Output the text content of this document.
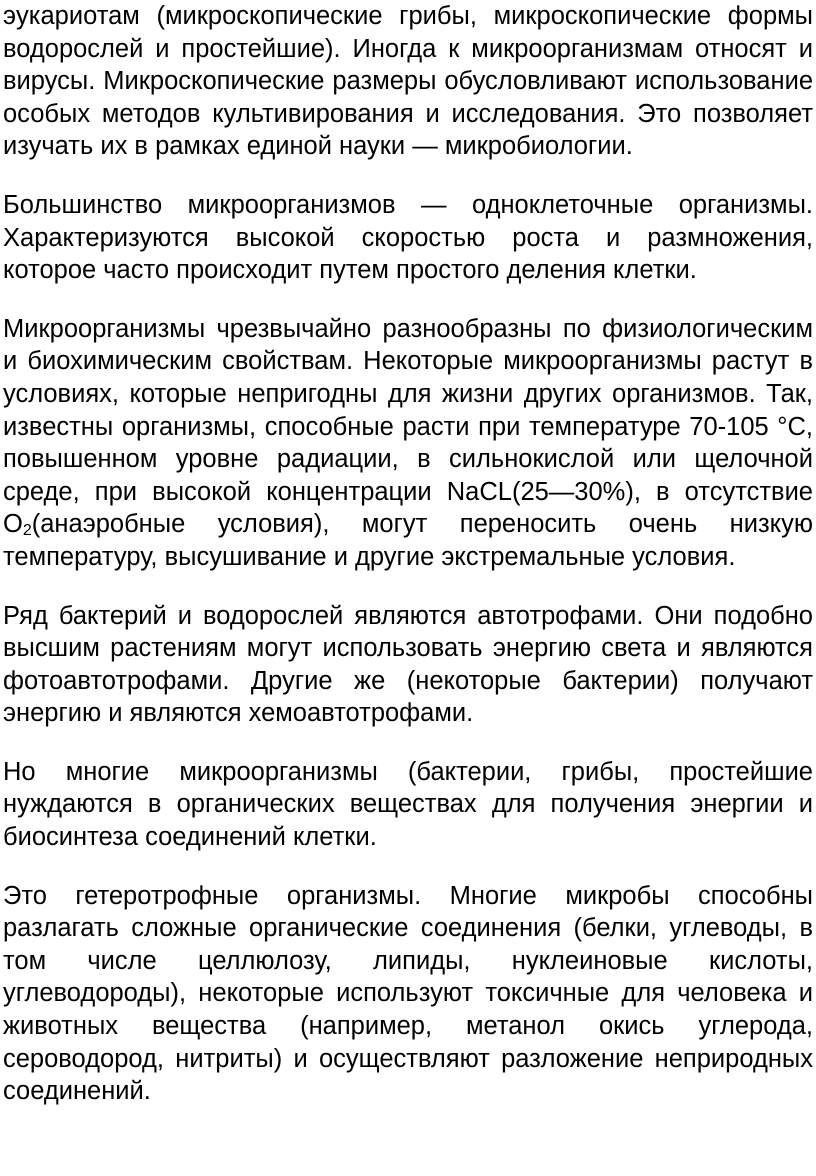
эукариотам (микроскопические грибы, микроскопические формы водорослей и простейшие). Иногда к микроорганизмам относят и вирусы. Микроскопические размеры обусловливают использование особых методов культивирования и исследования. Это позволяет изучать их в рамках единой науки — микробиологии.

Большинство микроорганизмов — одноклеточные организмы. Характеризуются высокой скоростью роста и размножения, которое часто происходит путем простого деления клетки.

Микроорганизмы чрезвычайно разнообразны по физиологическим и биохимическим свойствам. Некоторые микроорганизмы растут в условиях, которые непригодны для жизни других организмов. Так, известны организмы, способные расти при температуре 70-105 °С, повышенном уровне радиации, в сильнокислой или щелочной среде, при высокой концентрации NaCL(25—30%), в отсутствие $O_2(анаэробные$ условия), могут переносить очень низкую температуру, высушивание и другие экстремальные условия.

Ряд бактерий и водорослей являются автотрофами. Они подобно высшим растениям могут использовать энергию света и являются фотоавтотрофами. Другие же (некоторые бактерии) получают энергию и являются хемоавтотрофами.

Но многие микроорганизмы (бактерии, грибы, простейшие нуждаются в органических веществах для получения энергии и биосинтеза соединений клетки.

Это гетеротрофные организмы. Многие микробы способны разлагать сложные органические соединения (белки, углеводы, в том числе целлюлозу, липиды, нуклеиновые кислоты, углеводороды), некоторые используют токсичные для человека и животных вещества (например, метанол окись углерода, сероводород, нитриты) и осуществляют разложение неприродных соединений.
